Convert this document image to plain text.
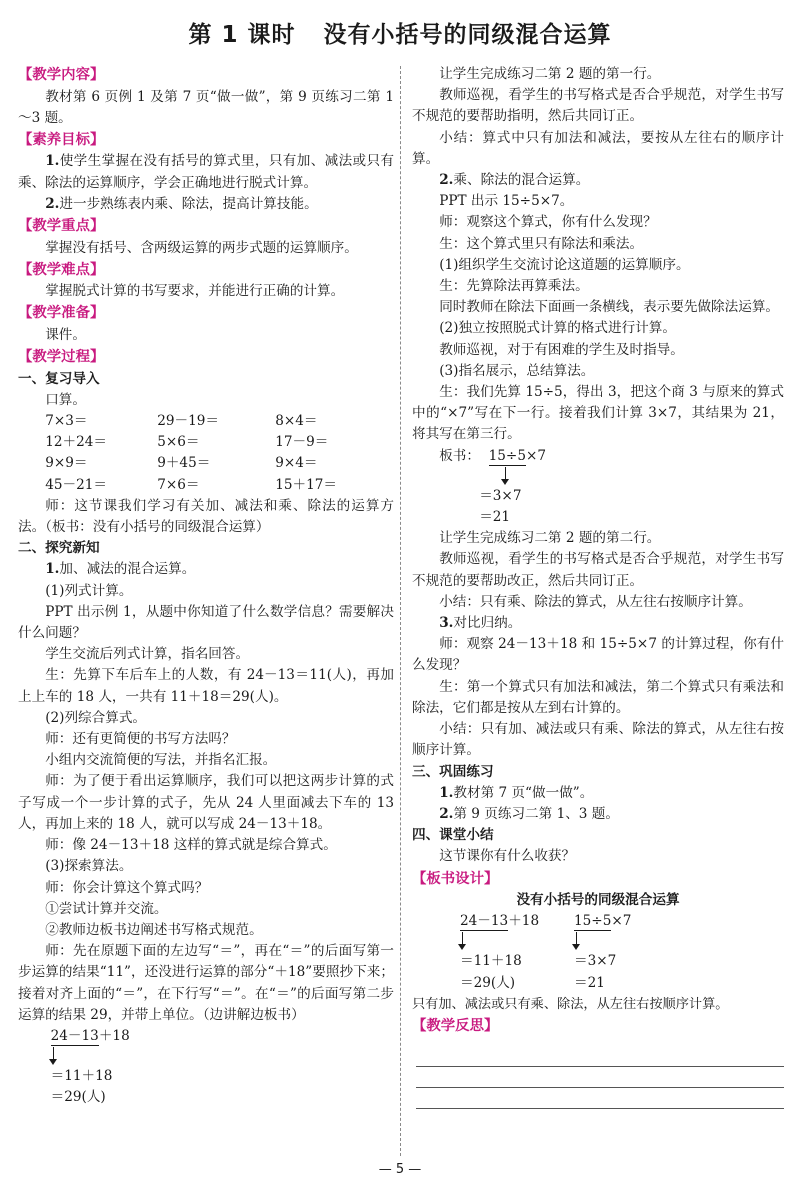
第 1 课时 没有小括号的同级混合运算
【教学内容】

教材第 6 页例 1 及第 7 页“做一做”，第 9 页练习二第 1～3 题。

【素养目标】

1.使学生掌握在没有括号的算式里，只有加、减法或只有乘、除法的运算顺序，学会正确地进行脱式计算。

2.进一步熟练表内乘、除法，提高计算技能。

【教学重点】

掌握没有括号、含两级运算的两步式题的运算顺序。

【教学难点】

掌握脱式计算的书写要求，并能进行正确的计算。

【教学准备】

课件。

【教学过程】

一、复习导入

口算。

7×3＝	29－19＝	8×4＝
12＋24＝	5×6＝	17－9＝
9×9＝	9＋45＝	9×4＝
45－21＝	7×6＝	15＋17＝

师：这节课我们学习有关加、减法和乘、除法的运算方法。（板书：没有小括号的同级混合运算）

二、探究新知

1.加、减法的混合运算。

(1)列式计算。

PPT 出示例 1，从题中你知道了什么数学信息？需要解决什么问题？

学生交流后列式计算，指名回答。

生：先算下车后车上的人数，有 24－13＝11(人)，再加上上车的 18 人，一共有 11＋18＝29(人)。

(2)列综合算式。

师：还有更简便的书写方法吗？

小组内交流简便的写法，并指名汇报。

师：为了便于看出运算顺序，我们可以把这两步计算的式子写成一个一步计算的式子，先从 24 人里面减去下车的 13 人，再加上来的 18 人，就可以写成 24－13＋18。

师：像 24－13＋18 这样的算式就是综合算式。

(3)探索算法。

师：你会计算这个算式吗？

①尝试计算并交流。

②教师边板书边阐述书写格式规范。

师：先在原题下面的左边写“＝”，再在“＝”的后面写第一步运算的结果“11”，还没进行运算的部分“＋18”要照抄下来；接着对齐上面的“＝”，在下行写“＝”。在“＝”的后面写第二步运算的结果 29，并带上单位。（边讲解边板书）

24－13＋18
＝11＋18
＝29(人)

让学生完成练习二第 2 题的第一行。

教师巡视，看学生的书写格式是否合乎规范，对学生书写不规范的要帮助指明，然后共同订正。

小结：算式中只有加法和减法，要按从左往右的顺序计算。

2.乘、除法的混合运算。

PPT 出示 15÷5×7。

师：观察这个算式，你有什么发现？

生：这个算式里只有除法和乘法。

(1)组织学生交流讨论这道题的运算顺序。

生：先算除法再算乘法。

同时教师在除法下面画一条横线，表示要先做除法运算。

(2)独立按照脱式计算的格式进行计算。

教师巡视，对于有困难的学生及时指导。

(3)指名展示，总结算法。

生：我们先算 15÷5，得出 3，把这个商 3 与原来的算式中的“×7”写在下一行。接着我们计算 3×7，其结果为 21，将其写在第三行。

板书： 15÷5×7
＝3×7
＝21

让学生完成练习二第 2 题的第二行。

教师巡视，看学生的书写格式是否合乎规范，对学生书写不规范的要帮助改正，然后共同订正。

小结：只有乘、除法的算式，从左往右按顺序计算。

3.对比归纳。

师：观察 24－13＋18 和 15÷5×7 的计算过程，你有什么发现？

生：第一个算式只有加法和减法，第二个算式只有乘法和除法，它们都是按从左到右计算的。

小结：只有加、减法或只有乘、除法的算式，从左往右按顺序计算。

三、巩固练习

1.教材第 7 页“做一做”。

2.第 9 页练习二第 1、3 题。

四、课堂小结

这节课你有什么收获？

【板书设计】
没有小括号的同级混合运算
24－13＋18
＝11＋18
＝29(人)
15÷5×7
＝3×7
＝21

只有加、减法或只有乘、除法，从左往右按顺序计算。

【教学反思】
— 5 —
